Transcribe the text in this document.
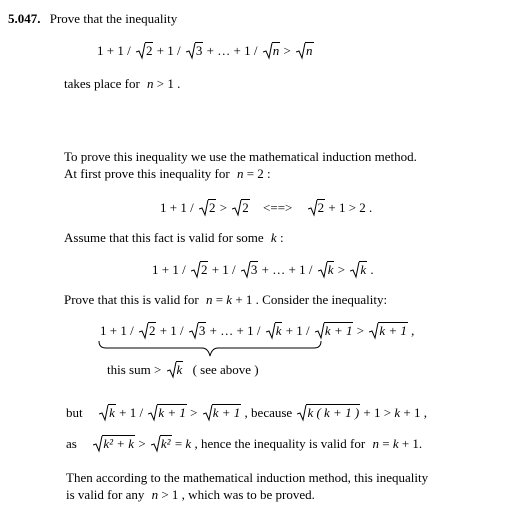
5.047. Prove that the inequality
1 + 1 / 2 + 1 / 3 + … + 1 / n > n
takes place for n > 1 .
To prove this inequality we use the mathematical induction method.
At first prove this inequality for n = 2 :
1 + 1 / 2 > 2 <==> 2 + 1 > 2 .
Assume that this fact is valid for some k :
1 + 1 / 2 + 1 / 3 + … + 1 / k > k .
Prove that this is valid for n = k + 1 . Consider the inequality:
1 + 1 / 2 + 1 / 3 + … + 1 / k + 1 / k + 1 > k + 1 ,
this sum > k ( see above )
but k + 1 / k + 1 > k + 1 , because k ( k + 1 ) + 1 > k + 1 ,
as k² + k > k² = k , hence the inequality is valid for n = k + 1.
Then according to the mathematical induction method, this inequality
is valid for any n > 1 , which was to be proved.
